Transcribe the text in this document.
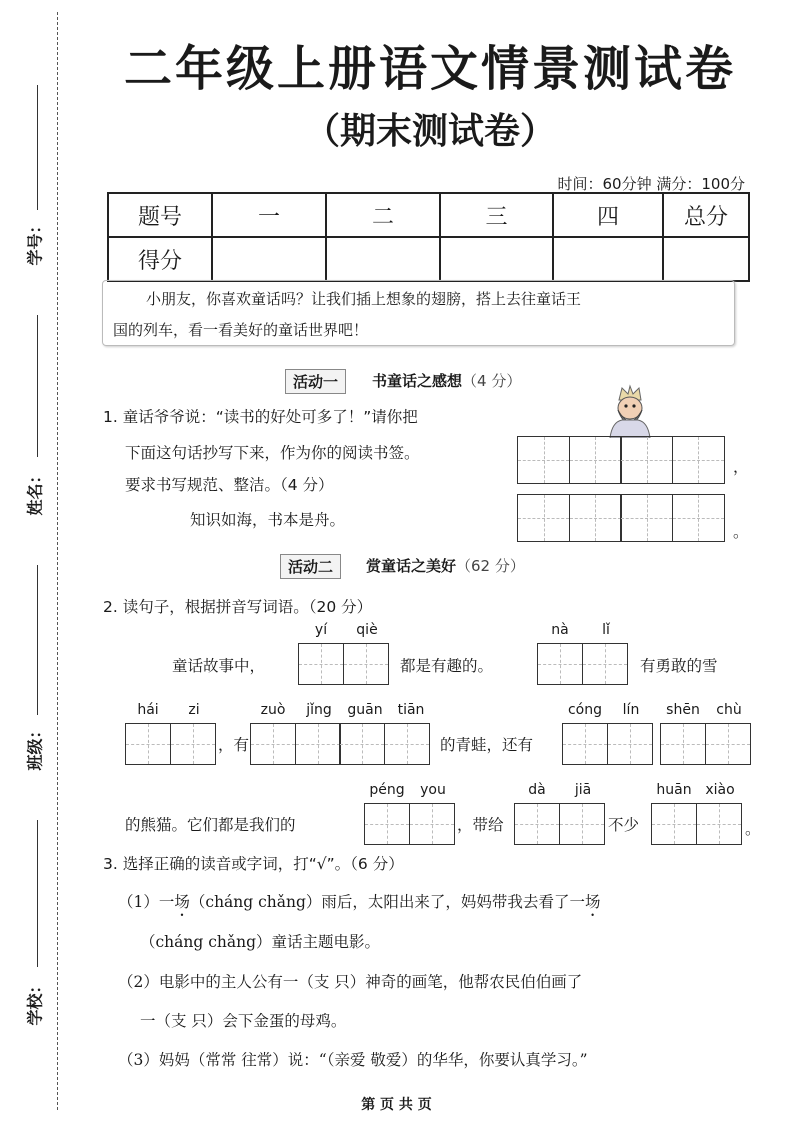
学号：
姓名：
班级：
学校：
二年级上册语文情景测试卷
（期末测试卷）
时间：60分钟 满分：100分
题号	一	二	三	四	总分
得分					
小朋友，你喜欢童话吗？让我们插上想象的翅膀，搭上去往童话王
国的列车，看一看美好的童话世界吧！
活动一	书童话之感想（4 分）
1. 童话爷爷说：“读书的好处可多了！”请你把
下面这句话抄写下来，作为你的阅读书签。
要求书写规范、整洁。（4 分）
知识如海，书本是舟。
，
。
活动二	赏童话之美好（62 分）
2. 读句子，根据拼音写词语。（20 分）
童话故事中，
yí	qiè
都是有趣的。
nà	lǐ
有勇敢的雪
hái	zi
，有
zuò	jǐng	guān	tiān
的青蛙，还有
cóng	lín	shēn	chù
的熊猫。它们都是我们的
péng	you
，带给
dà	jiā
不少
huān xiào
。
3. 选择正确的读音或字词，打“√”。（6 分）
（1）一场（cháng chǎng）雨后，太阳出来了，妈妈带我去看了一场
（cháng chǎng）童话主题电影。
（2）电影中的主人公有一（支 只）神奇的画笔，他帮农民伯伯画了
一（支 只）会下金蛋的母鸡。
（3）妈妈（常常 往常）说：“（亲爱 敬爱）的华华，你要认真学习。”
第 页 共 页
